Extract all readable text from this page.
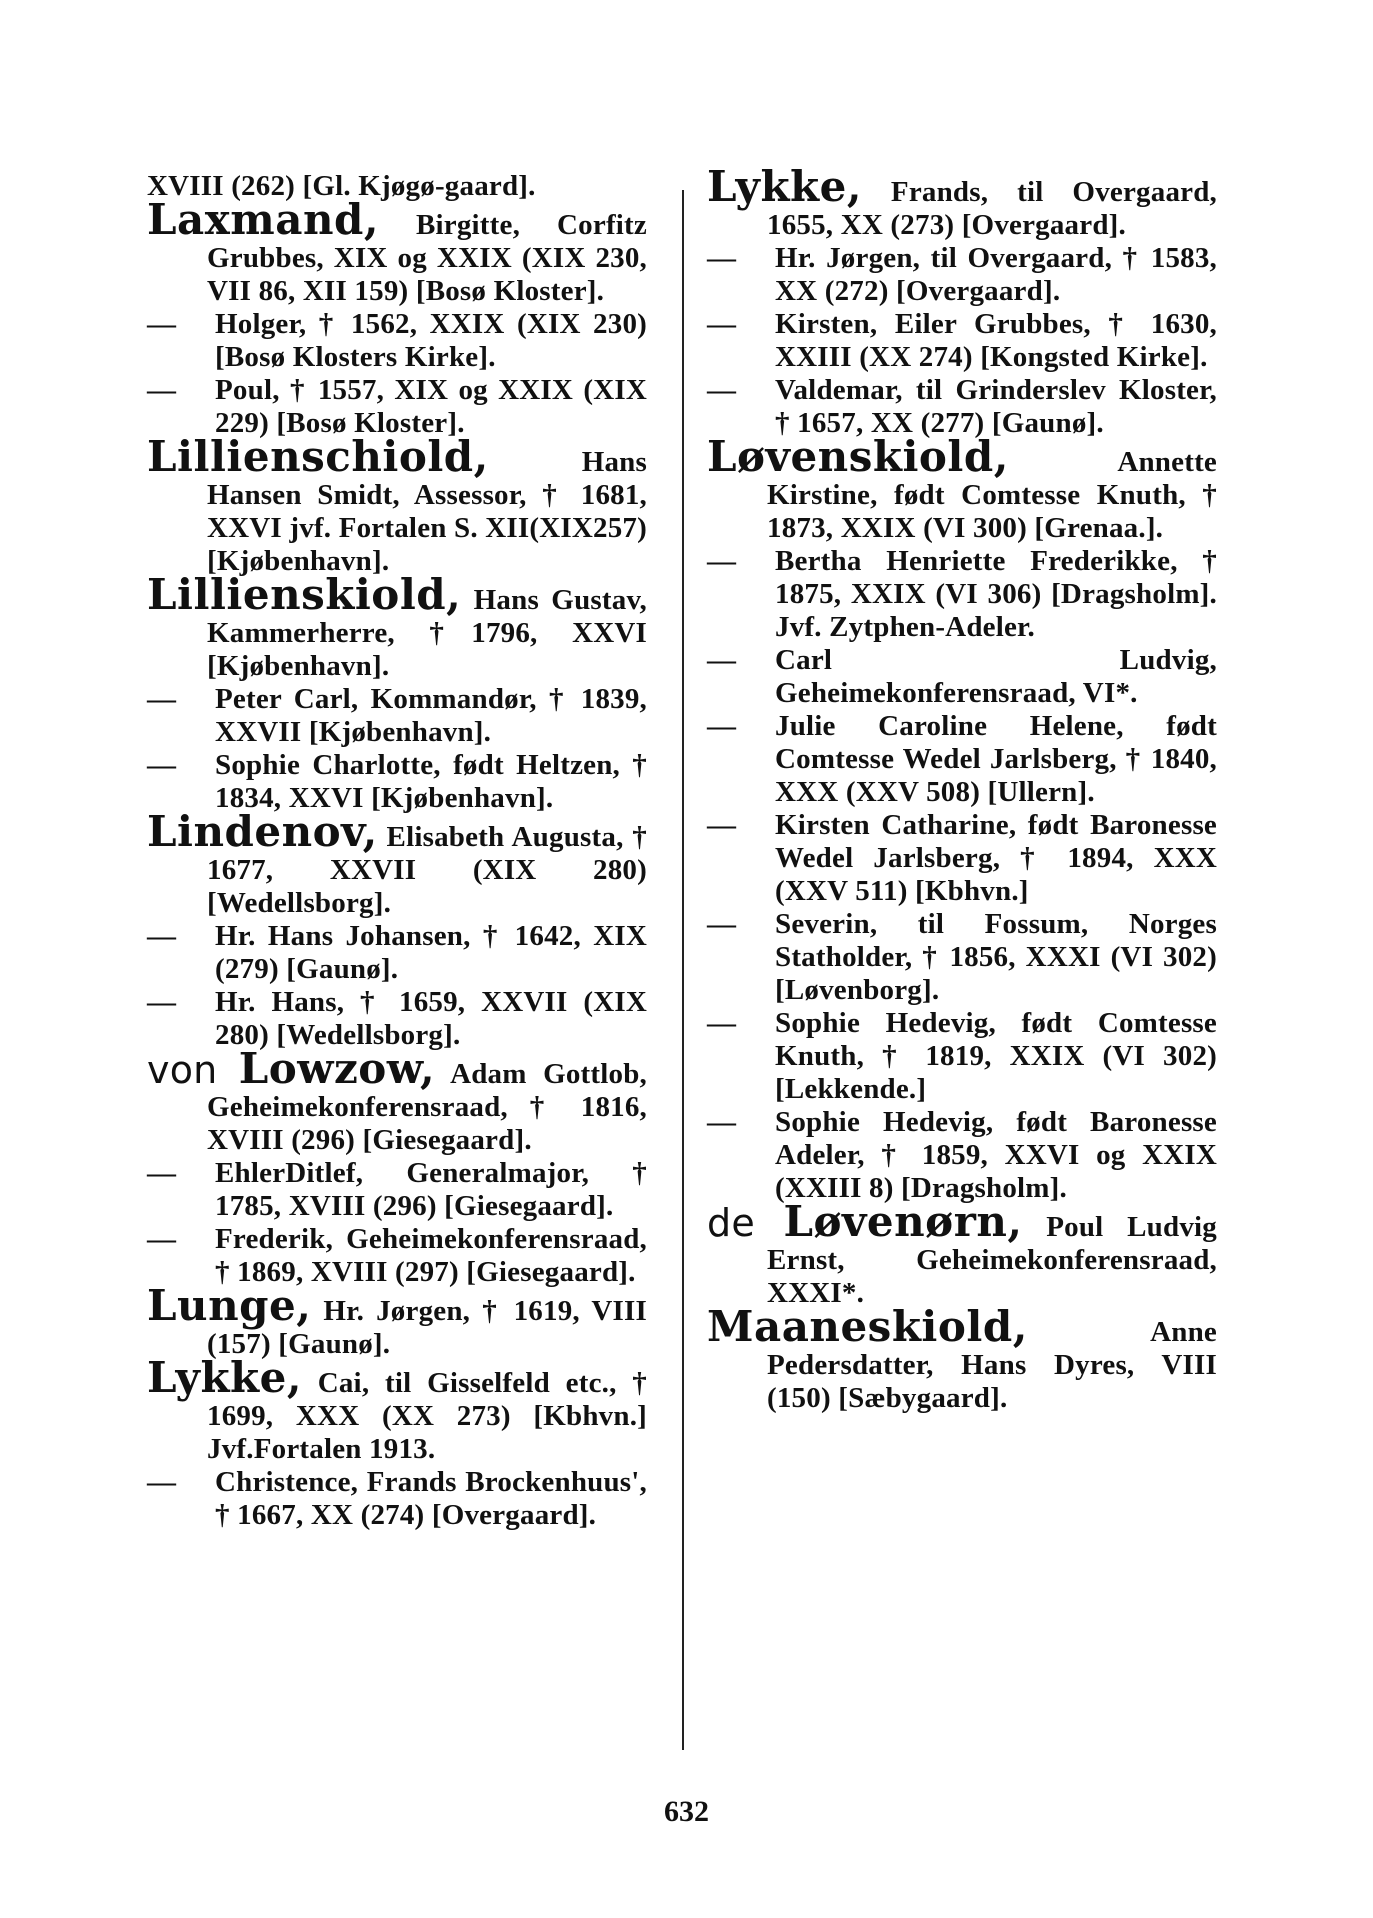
XVIII (262) [Gl. Kjøgø-gaard].

Laxmand, Birgitte, Corfitz Grubbes, XIX og XXIX (XIX 230, VII 86, XII 159) [Bosø Kloster].

— Holger, † 1562, XXIX (XIX 230) [Bosø Klosters Kirke].

— Poul, † 1557, XIX og XXIX (XIX 229) [Bosø Kloster].

Lillienschiold, Hans Hansen Smidt, Assessor, † 1681, XXVI jvf. Fortalen S. XII(XIX257)[Kjøbenhavn].

Lillienskiold, Hans Gustav, Kammerherre, †1796, XXVI [Kjøbenhavn].

— Peter Carl, Kommandør, † 1839, XXVII [Kjøbenhavn].

— Sophie Charlotte, født Heltzen, † 1834, XXVI [Kjøbenhavn].

Lindenov, Elisabeth Augusta, † 1677, XXVII (XIX 280) [Wedellsborg].

— Hr. Hans Johansen, † 1642, XIX (279) [Gaunø].

— Hr. Hans, † 1659, XXVII (XIX 280) [Wedellsborg].

von Lowzow, Adam Gottlob, Geheimekonferensraad, † 1816, XVIII (296) [Giesegaard].

— EhlerDitlef, Generalmajor, † 1785, XVIII (296) [Giesegaard].

— Frederik, Geheimekonferensraad, † 1869, XVIII (297) [Giesegaard].

Lunge, Hr. Jørgen, † 1619, VIII (157) [Gaunø].

Lykke, Cai, til Gisselfeld etc., † 1699, XXX (XX 273) [Kbhvn.] Jvf.Fortalen 1913.

— Christence, Frands Brockenhuus', † 1667, XX (274) [Overgaard].

Lykke, Frands, til Overgaard, 1655, XX (273) [Overgaard].

— Hr. Jørgen, til Overgaard, † 1583, XX (272) [Overgaard].

— Kirsten, Eiler Grubbes, † 1630, XXIII (XX 274) [Kongsted Kirke].

— Valdemar, til Grinderslev Kloster, † 1657, XX (277) [Gaunø].

Løvenskiold, Annette Kirstine, født Comtesse Knuth, † 1873, XXIX (VI 300) [Grenaa.].

— Bertha Henriette Frederikke, † 1875, XXIX (VI 306) [Dragsholm]. Jvf. Zytphen-Adeler.

— Carl Ludvig, Geheimekonferensraad, VI*.

— Julie Caroline Helene, født Comtesse Wedel Jarlsberg, † 1840, XXX (XXV 508) [Ullern].

— Kirsten Catharine, født Baronesse Wedel Jarlsberg, † 1894, XXX (XXV 511) [Kbhvn.]

— Severin, til Fossum, Norges Statholder, † 1856, XXXI (VI 302) [Løvenborg].

— Sophie Hedevig, født Comtesse Knuth, † 1819, XXIX (VI 302) [Lekkende.]

— Sophie Hedevig, født Baronesse Adeler, † 1859, XXVI og XXIX (XXIII 8) [Dragsholm].

de Løvenørn, Poul Ludvig Ernst, Geheimekonferensraad, XXXI*.

Maaneskiold, Anne Pedersdatter, Hans Dyres, VIII (150) [Sæbygaard].

632
